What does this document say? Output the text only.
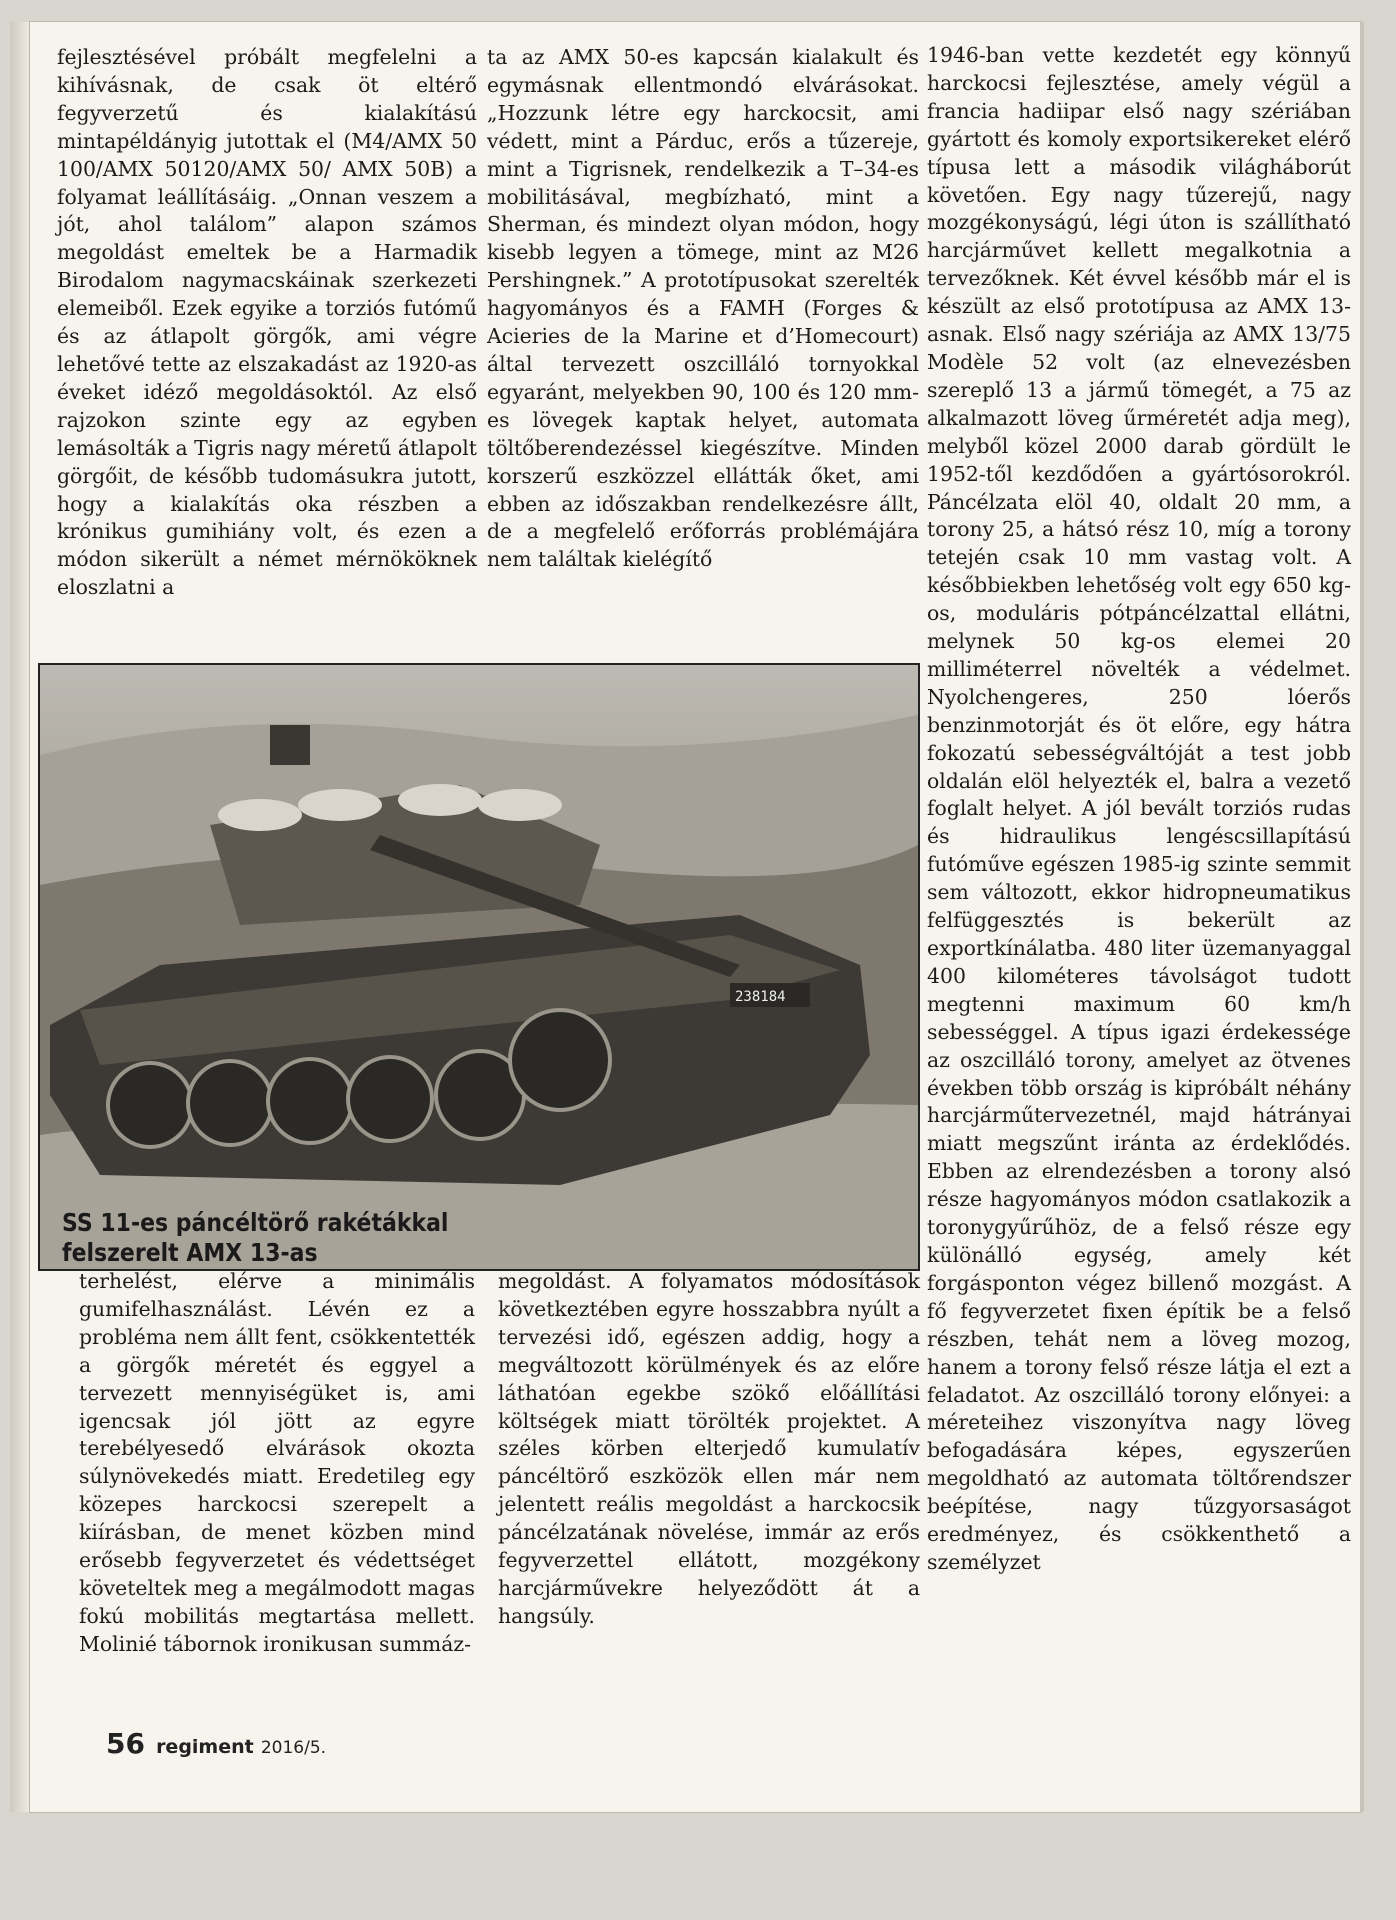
fejlesztésével próbált megfelelni a kihívásnak, de csak öt eltérő fegyverzetű és kialakítású mintapéldányig jutottak el (M4/AMX 50 100/AMX 50120/AMX 50/ AMX 50B) a folyamat leállításáig. „Onnan veszem a jót, ahol találom” alapon számos megoldást emeltek be a Harmadik Birodalom nagymacskáinak szerkezeti elemeiből. Ezek egyike a torziós futómű és az átlapolt görgők, ami végre lehetővé tette az elszakadást az 1920-as éveket idéző megoldásoktól. Az első rajzokon szinte egy az egyben lemásolták a Tigris nagy méretű átlapolt görgőit, de később tudomásukra jutott, hogy a kialakítás oka részben a krónikus gumihiány volt, és ezen a módon sikerült a német mérnököknek eloszlatni a

ta az AMX 50-es kapcsán kialakult és egymásnak ellentmondó elvárásokat. „Hozzunk létre egy harckocsit, ami védett, mint a Párduc, erős a tűzereje, mint a Tigrisnek, rendelkezik a T–34-es mobilitásával, megbízható, mint a Sherman, és mindezt olyan módon, hogy kisebb legyen a tömege, mint az M26 Pershingnek.” A prototípusokat szerelték hagyományos és a FAMH (Forges & Acieries de la Marine et d’Homecourt) által tervezett oszcilláló tornyokkal egyaránt, melyekben 90, 100 és 120 mm-es lövegek kaptak helyet, automata töltőberendezéssel kiegészítve. Minden korszerű eszközzel ellátták őket, ami ebben az időszakban rendelkezésre állt, de a megfelelő erőforrás problémájára nem találtak kielégítő

1946-ban vette kezdetét egy könnyű harckocsi fejlesztése, amely végül a francia hadiipar első nagy szériában gyártott és komoly exportsikereket elérő típusa lett a második világháborút követően. Egy nagy tűzerejű, nagy mozgékonyságú, légi úton is szállítható harcjárművet kellett megalkotnia a tervezőknek. Két évvel később már el is készült az első prototípusa az AMX 13-asnak. Első nagy szériája az AMX 13/75 Modèle 52 volt (az elnevezésben szereplő 13 a jármű tömegét, a 75 az alkalmazott löveg űrméretét adja meg), melyből közel 2000 darab gördült le 1952-től kezdődően a gyártósorokról. Páncélzata elöl 40, oldalt 20 mm, a torony 25, a hátsó rész 10, míg a torony tetején csak 10 mm vastag volt. A későbbiekben lehetőség volt egy 650 kg-os, moduláris pótpáncélzattal ellátni, melynek 50 kg-os elemei 20 milliméterrel növelték a védelmet. Nyolchengeres, 250 lóerős benzinmotorját és öt előre, egy hátra fokozatú sebességváltóját a test jobb oldalán elöl helyezték el, balra a vezető foglalt helyet. A jól bevált torziós rudas és hidraulikus lengéscsillapítású futóműve egészen 1985-ig szinte semmit sem változott, ekkor hidropneumatikus felfüggesztés is bekerült az exportkínálatba. 480 liter üzemanyaggal 400 kilométeres távolságot tudott megtenni maximum 60 km/h sebességgel. A típus igazi érdekessége az oszcilláló torony, amelyet az ötvenes években több ország is kipróbált néhány harcjárműtervezetnél, majd hátrányai miatt megszűnt iránta az érdeklődés. Ebben az elrendezésben a torony alsó része hagyományos módon csatlakozik a toronygyűrűhöz, de a felső része egy különálló egység, amely két forgásponton végez billenő mozgást. A fő fegyverzetet fixen építik be a felső részben, tehát nem a löveg mozog, hanem a torony felső része látja el ezt a feladatot. Az oszcilláló torony előnyei: a méreteihez viszonyítva nagy löveg befogadására képes, egyszerűen megoldható az automata töltőrendszer beépítése, nagy tűzgyorsaságot eredményez, és csökkenthető a személyzet

238184
SS 11-es páncéltörő rakétákkal
felszerelt AMX 13-as

terhelést, elérve a minimális gumifelhasználást. Lévén ez a probléma nem állt fent, csökkentették a görgők méretét és eggyel a tervezett mennyiségüket is, ami igencsak jól jött az egyre terebélyesedő elvárások okozta súlynövekedés miatt. Eredetileg egy közepes harckocsi szerepelt a kiírásban, de menet közben mind erősebb fegyverzetet és védettséget követeltek meg a megálmodott magas fokú mobilitás megtartása mellett. Molinié tábornok ironikusan summáz-

megoldást. A folyamatos módosítások következtében egyre hosszabbra nyúlt a tervezési idő, egészen addig, hogy a megváltozott körülmények és az előre láthatóan egekbe szökő előállítási költségek miatt törölték projektet. A széles körben elterjedő kumulatív páncéltörő eszközök ellen már nem jelentett reális megoldást a harckocsik páncélzatának növelése, immár az erős fegyverzettel ellátott, mozgékony harcjárművekre helyeződött át a hangsúly.

56 regiment 2016/5.
